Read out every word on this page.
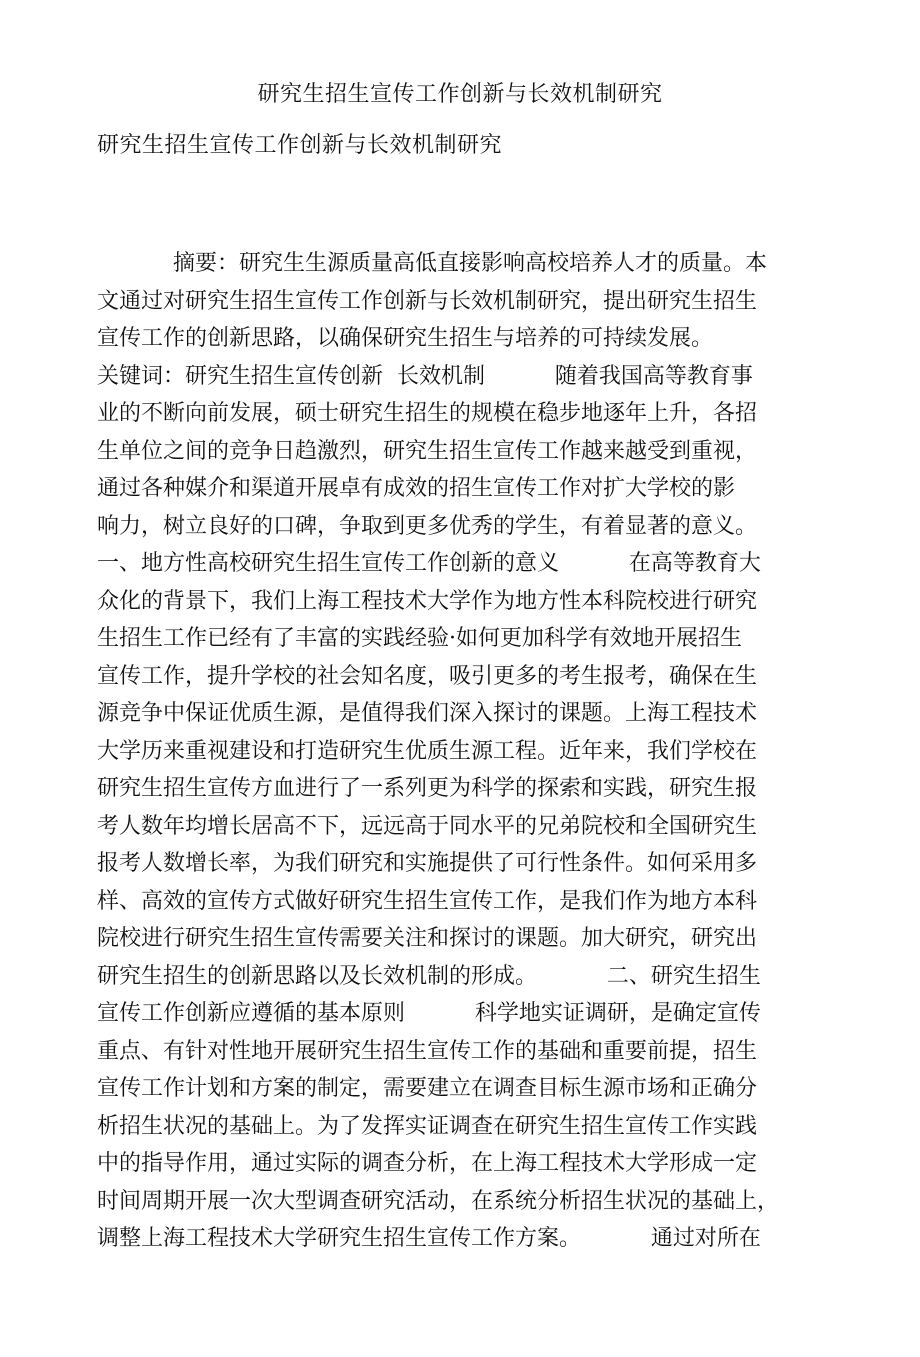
研究生招生宣传工作创新与长效机制研究
研究生招生宣传工作创新与长效机制研究
摘要：研究生生源质量高低直接影响高校培养人才的质量。本
文通过对研究生招生宣传工作创新与长效机制研究，提出研究生招生
宣传工作的创新思路，以确保研究生招生与培养的可持续发展。
关键词：研究生招生宣传创新  长效机制          随着我国高等教育事
业的不断向前发展，硕士研究生招生的规模在稳步地逐年上升，各招
生单位之间的竞争日趋激烈，研究生招生宣传工作越来越受到重视，
通过各种媒介和渠道开展卓有成效的招生宣传工作对扩大学校的影
响力，树立良好的口碑，争取到更多优秀的学生，有着显著的意义。
一、地方性高校研究生招生宣传工作创新的意义          在高等教育大
众化的背景下，我们上海工程技术大学作为地方性本科院校进行研究
生招生工作已经有了丰富的实践经验·如何更加科学有效地开展招生
宣传工作，提升学校的社会知名度，吸引更多的考生报考，确保在生
源竞争中保证优质生源，是值得我们深入探讨的课题。上海工程技术
大学历来重视建设和打造研究生优质生源工程。近年来，我们学校在
研究生招生宣传方血进行了一系列更为科学的探索和实践，研究生报
考人数年均增长居高不下，远远高于同水平的兄弟院校和全国研究生
报考人数增长率，为我们研究和实施提供了可行性条件。如何采用多
样、高效的宣传方式做好研究生招生宣传工作，是我们作为地方本科
院校进行研究生招生宣传需要关注和探讨的课题。加大研究，研究出
研究生招生的创新思路以及长效机制的形成。          二、研究生招生
宣传工作创新应遵循的基本原则          科学地实证调研，是确定宣传
重点、有针对性地开展研究生招生宣传工作的基础和重要前提，招生
宣传工作计划和方案的制定，需要建立在调查目标生源市场和正确分
析招生状况的基础上。为了发挥实证调查在研究生招生宣传工作实践
中的指导作用，通过实际的调查分析，在上海工程技术大学形成一定
时间周期开展一次大型调查研究活动，在系统分析招生状况的基础上，
调整上海工程技术大学研究生招生宣传工作方案。          通过对所在
